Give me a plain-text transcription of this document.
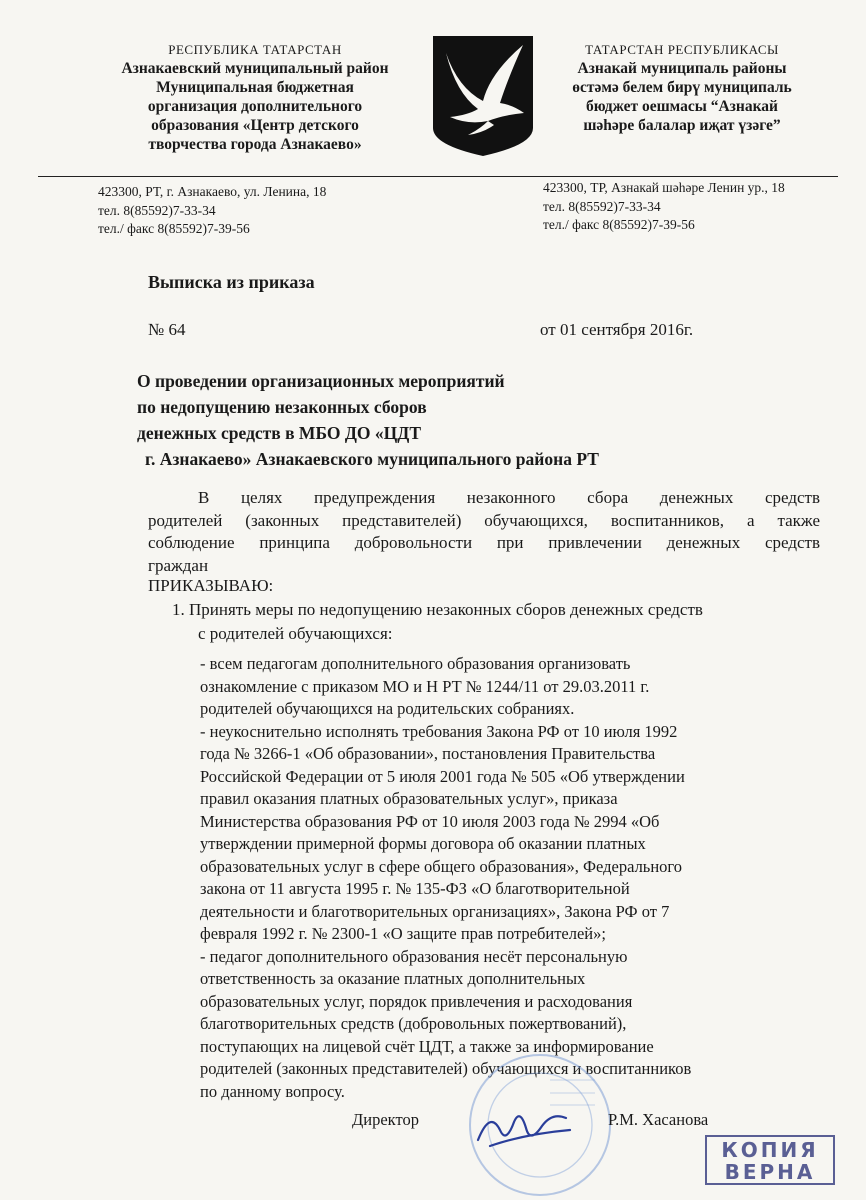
РЕСПУБЛИКА ТАТАРСТАН
Азнакаевский муниципальный район
Муниципальная бюджетная
организация дополнительного
образования «Центр детского
творчества города Азнакаево»
ТАТАРСТАН РЕСПУБЛИКАСЫ
Азнакай муниципаль районы
өстәмә белем бирү муниципаль
бюджет оешмасы “Азнакай
шәһәре балалар иҗат үзәге”
423300, РТ, г. Азнакаево, ул. Ленина, 18
тел. 8(85592)7-33-34
тел./ факс 8(85592)7-39-56
423300, ТР, Азнакай шәһәре Ленин ур., 18
тел. 8(85592)7-33-34
тел./ факс 8(85592)7-39-56
Выписка из приказа
№ 64	от 01 сентября 2016г.
О проведении организационных мероприятий
по недопущению незаконных сборов
денежных средств в МБО ДО «ЦДТ
г. Азнакаево» Азнакаевского муниципального района РТ
В целях предупреждения незаконного сбора денежных средств
родителей (законных представителей) обучающихся, воспитанников, а также
соблюдение принципа добровольности при привлечении денежных средств
граждан
ПРИКАЗЫВАЮ:
1. Принять меры по недопущению незаконных сборов денежных средств
с родителей обучающихся:
- всем педагогам дополнительного образования организовать
ознакомление с приказом МО и Н РТ № 1244/11 от 29.03.2011 г.
родителей обучающихся на родительских собраниях.
- неукоснительно исполнять требования Закона РФ от 10 июля 1992
года № 3266-1 «Об образовании», постановления Правительства
Российской Федерации от 5 июля 2001 года № 505 «Об утверждении
правил оказания платных образовательных услуг», приказа
Министерства образования РФ от 10 июля 2003 года № 2994 «Об
утверждении примерной формы договора об оказании платных
образовательных услуг в сфере общего образования», Федерального
закона от 11 августа 1995 г. № 135-ФЗ «О благотворительной
деятельности и благотворительных организациях», Закона РФ от 7
февраля 1992 г. № 2300-1 «О защите прав потребителей»;
- педагог дополнительного образования несёт персональную
ответственность за оказание платных дополнительных
образовательных услуг, порядок привлечения и расходования
благотворительных средств (добровольных пожертвований),
поступающих на лицевой счёт ЦДТ, а также за информирование
родителей (законных представителей) обучающихся и воспитанников
по данному вопросу.
Директор	Р.М. Хасанова
КОПИЯ
ВЕРНА
